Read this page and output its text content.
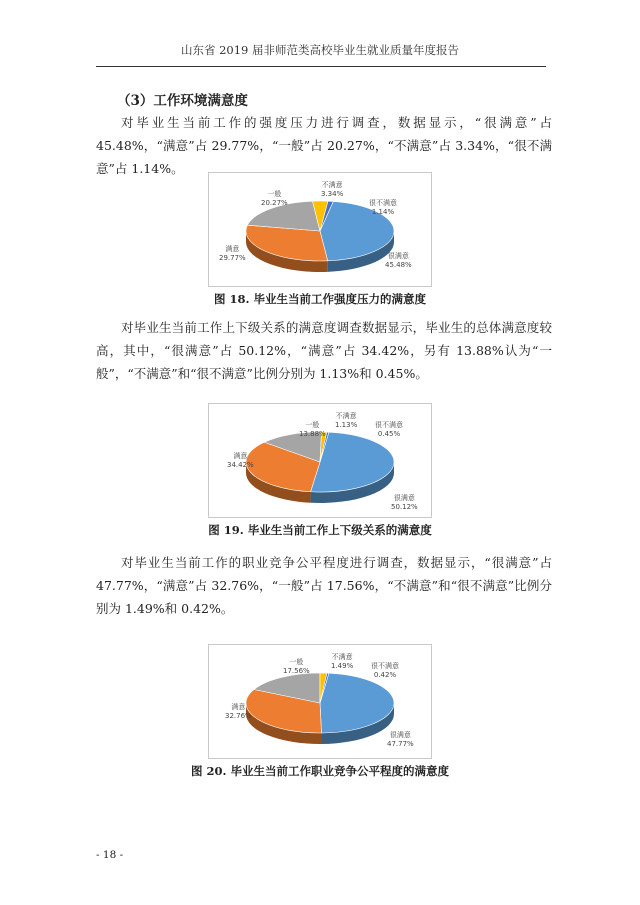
山东省 2019 届非师范类高校毕业生就业质量年度报告
（3）工作环境满意度

对毕业生当前工作的强度压力进行调查，数据显示，“很满意”占 45.48%，“满意”占 29.77%，“一般”占 20.27%，“不满意”占 3.34%，“很不满意”占 1.14%。

一般
20.27%
不满意
3.34%
很不满意
1.14%
满意
29.77%	很满意
45.48%
图 18. 毕业生当前工作强度压力的满意度

对毕业生当前工作上下级关系的满意度调查数据显示，毕业生的总体满意度较高，其中，“很满意”占 50.12%，“满意”占 34.42%，另有 13.88%认为“一般”，“不满意”和“很不满意”比例分别为 1.13%和 0.45%。

一般
13.88%
不满意
1.13%	很不满意
0.45%
满意
34.42%
很满意
50.12%
图 19. 毕业生当前工作上下级关系的满意度

对毕业生当前工作的职业竞争公平程度进行调查，数据显示，“很满意”占 47.77%，“满意”占 32.76%，“一般”占 17.56%，“不满意”和“很不满意”比例分别为 1.49%和 0.42%。

一般
17.56%
不满意
1.49%	很不满意
0.42%
满意
32.76%
很满意
47.77%
图 20. 毕业生当前工作职业竞争公平程度的满意度
- 18 -
